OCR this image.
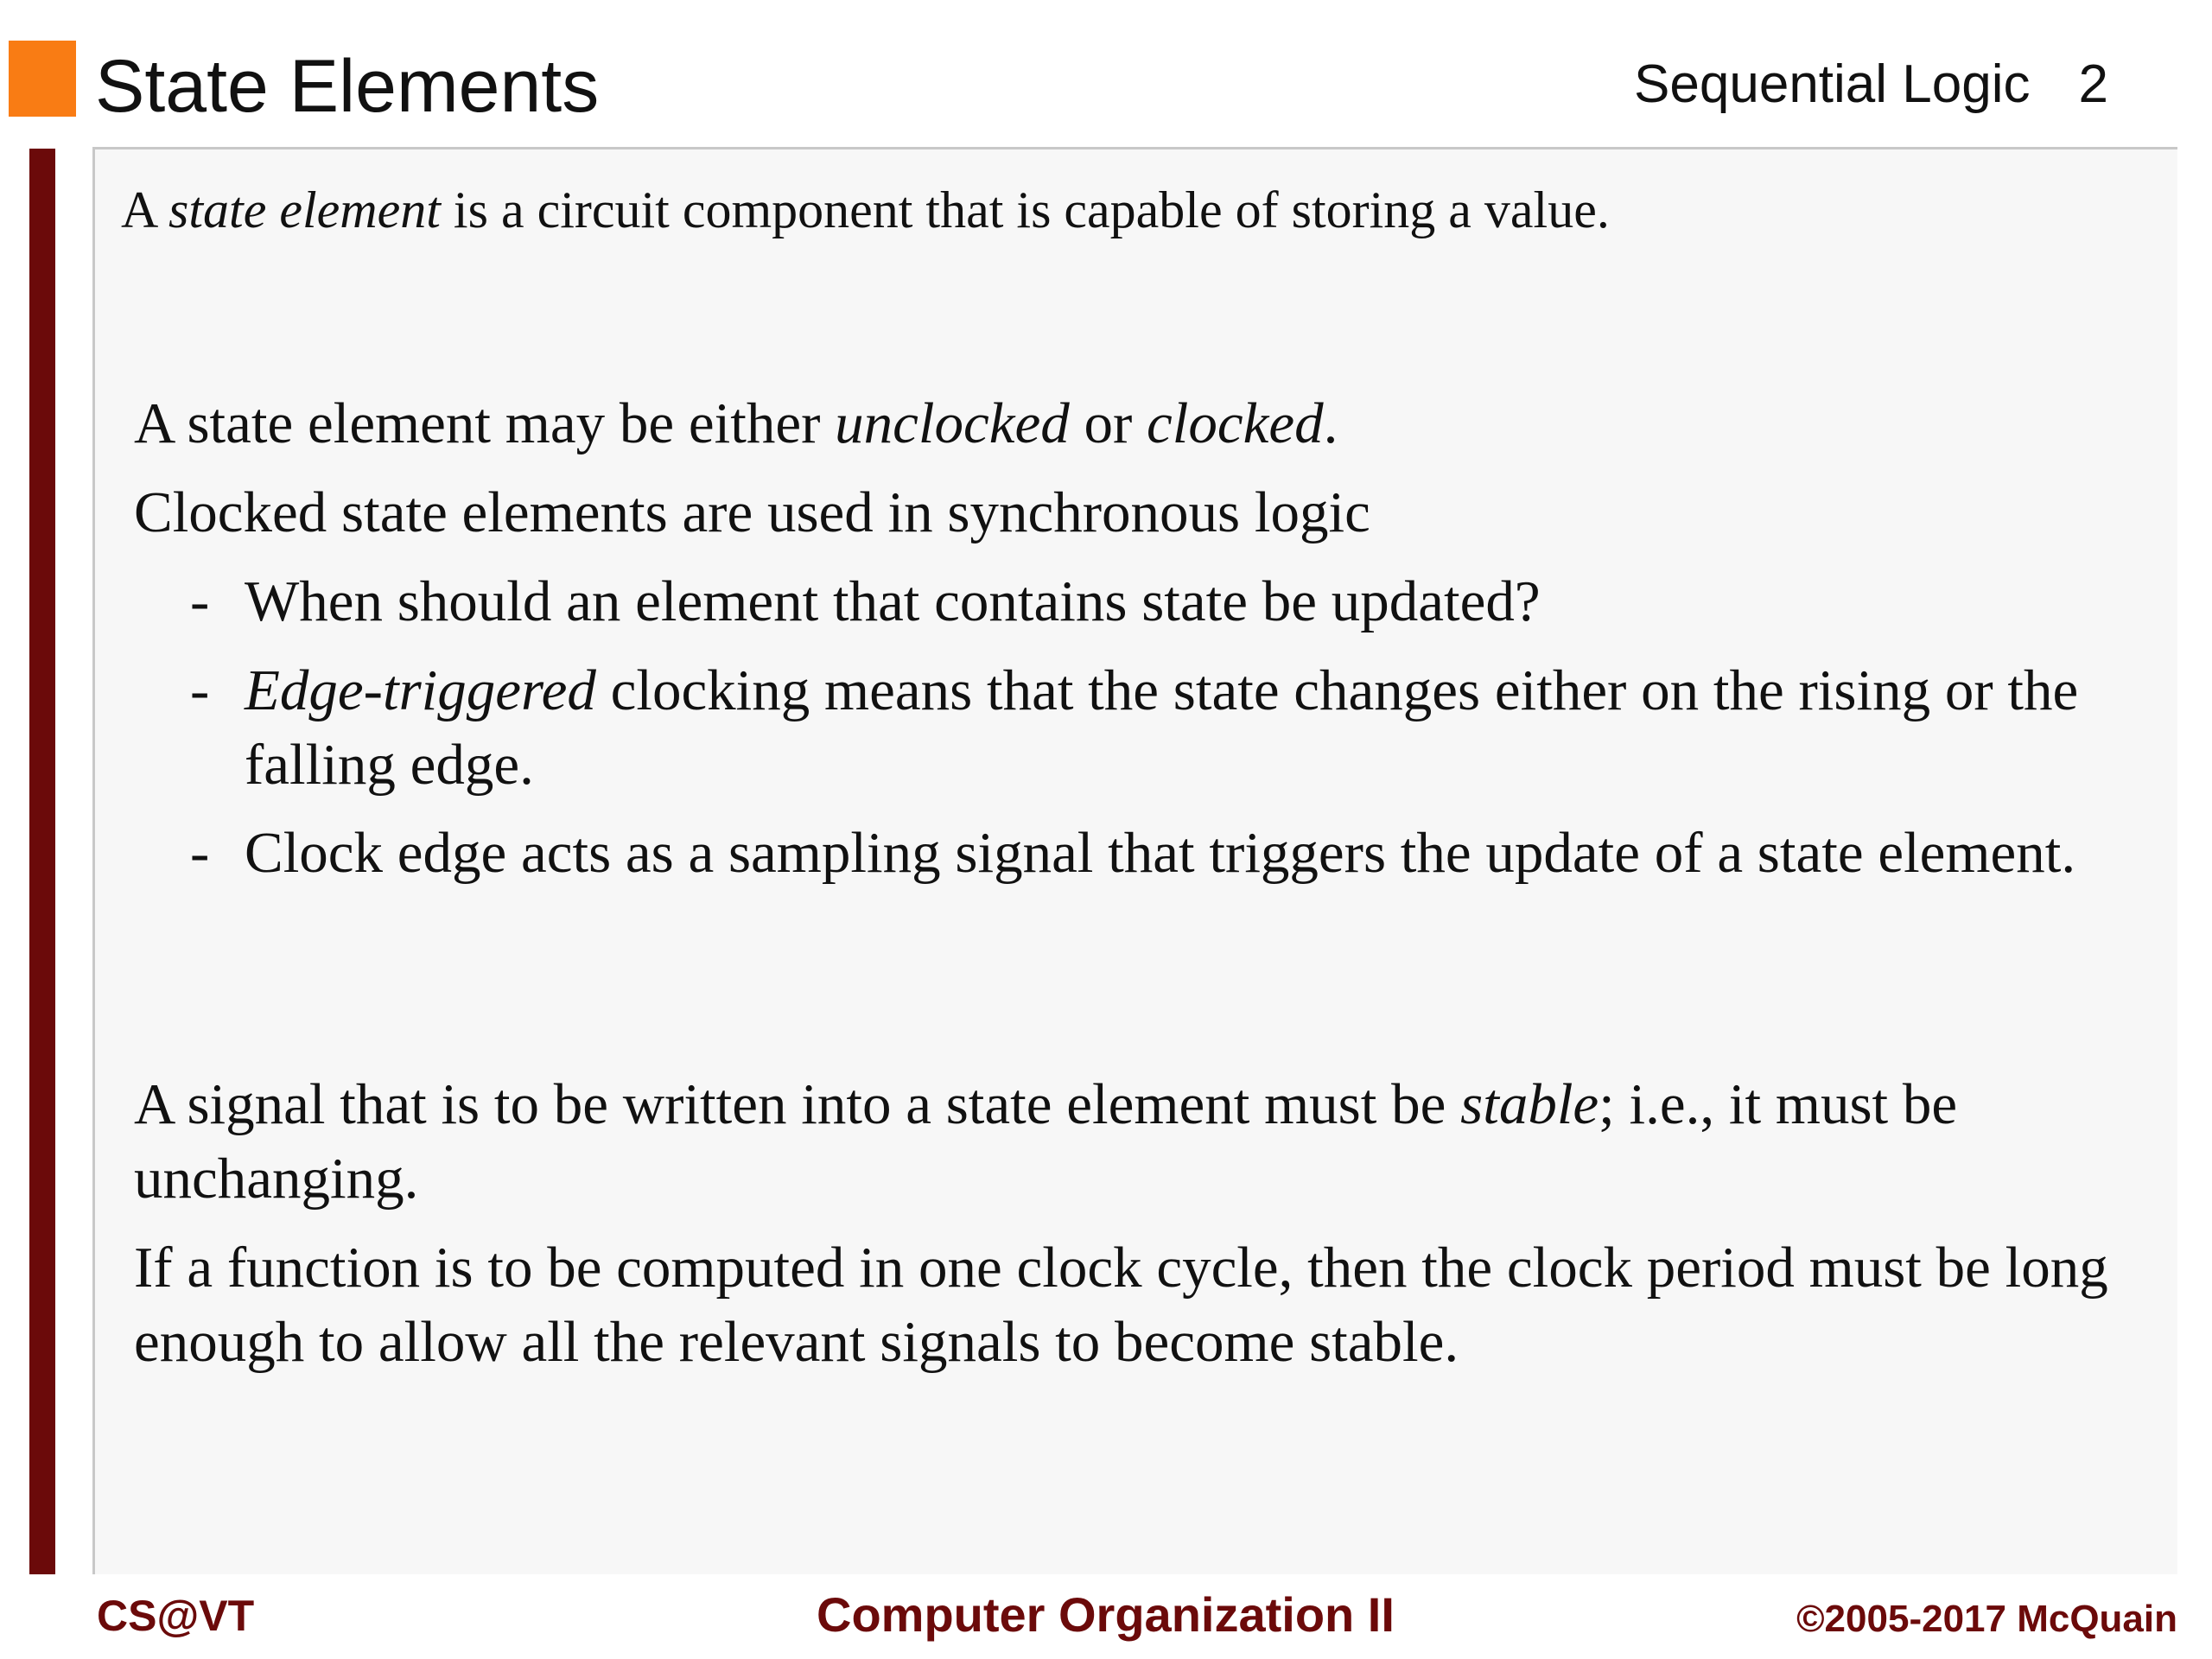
State Elements	Sequential Logic 2

A state element is a circuit component that is capable of storing a value.

A state element may be either unclocked or clocked.

Clocked state elements are used in synchronous logic

- When should an element that contains state be updated?
- Edge-triggered clocking means that the state changes either on the rising or the falling edge.
- Clock edge acts as a sampling signal that triggers the update of a state element.

A signal that is to be written into a state element must be stable; i.e., it must be unchanging.

If a function is to be computed in one clock cycle, then the clock period must be long enough to allow all the relevant signals to become stable.

CS@VT	Computer Organization II	©2005-2017 McQuain
